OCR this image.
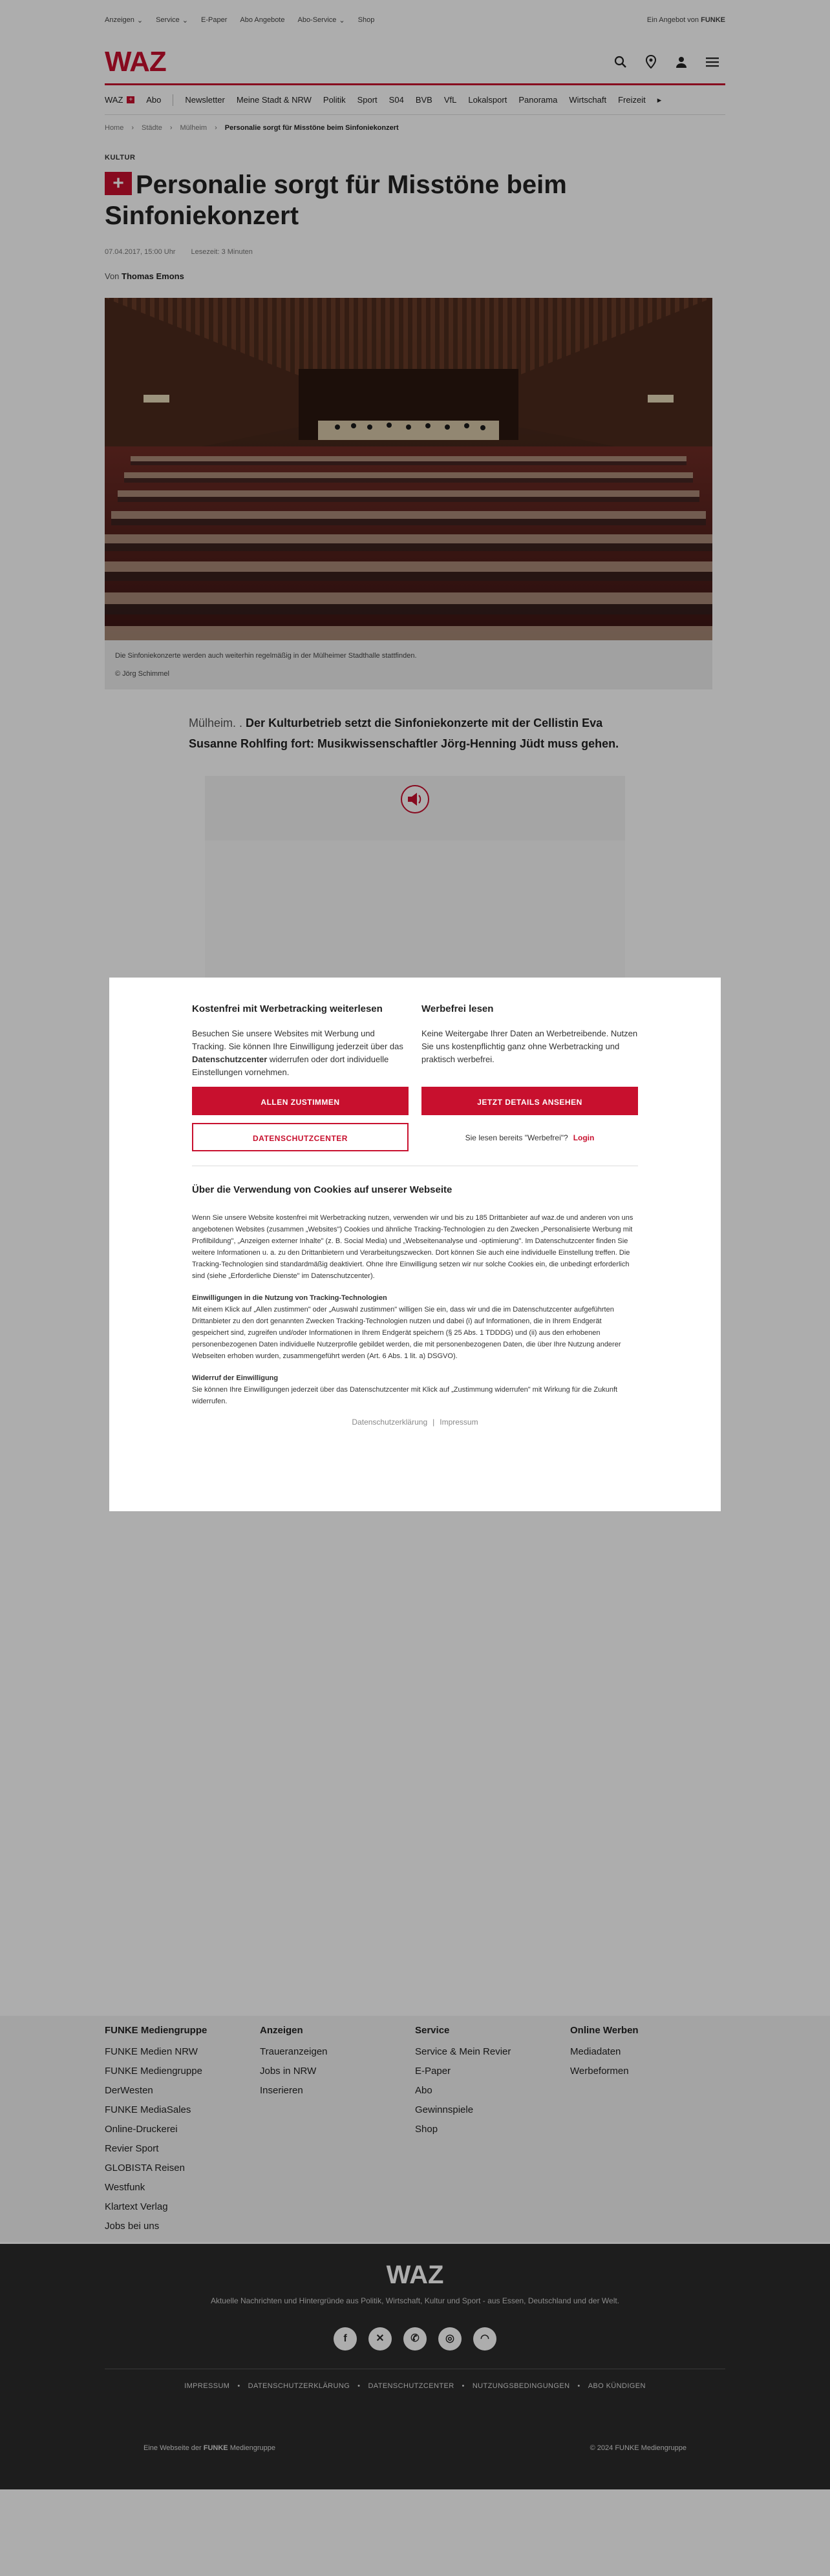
Anzeigen ⌄ Service ⌄ E-Paper Abo Angebote Abo-Service ⌄ Shop	Ein Angebot von FUNKE
WAZ
WAZ + Abo	Newsletter Meine Stadt & NRW Politik Sport S04 BVB VfL Lokalsport Panorama Wirtschaft Freizeit ▸
Home › Städte › Mülheim › Personalie sorgt für Misstöne beim Sinfoniekonzert
KULTUR
+ Personalie sorgt für Misstöne beim Sinfoniekonzert
07.04.2017, 15:00 Uhr Lesezeit: 3 Minuten
Von Thomas Emons
Die Sinfoniekonzerte werden auch weiterhin regelmäßig in der Mülheimer Stadthalle stattfinden.
© Jörg Schimmel

Mülheim. . Der Kulturbetrieb setzt die Sinfoniekonzerte mit der Cellistin Eva Susanne Rohlfing fort: Musikwissenschaftler Jörg-Henning Jüdt muss gehen.

FUNKE Mediengruppe
FUNKE Medien NRW
FUNKE Mediengruppe
DerWesten
FUNKE MediaSales
Online-Druckerei
Revier Sport
GLOBISTA Reisen
Westfunk
Klartext Verlag
Jobs bei uns
Anzeigen
Traueranzeigen
Jobs in NRW
Inserieren
Service
Service & Mein Revier
E-Paper
Abo
Gewinnspiele
Shop
Online Werben
Mediadaten
Werbeformen
WAZ
Aktuelle Nachrichten und Hintergründe aus Politik, Wirtschaft, Kultur und Sport - aus Essen, Deutschland und der Welt.
f	✕	✆	◎	◠
IMPRESSUM • DATENSCHUTZERKLÄRUNG • DATENSCHUTZCENTER • NUTZUNGSBEDINGUNGEN • ABO KÜNDIGEN
Eine Webseite der FUNKE Mediengruppe	© 2024 FUNKE Mediengruppe
Kostenfrei mit Werbetracking weiterlesen

Besuchen Sie unsere Websites mit Werbung und Tracking. Sie können Ihre Einwilligung jederzeit über das Datenschutzcenter widerrufen oder dort individuelle Einstellungen vornehmen.

ALLEN ZUSTIMMEN
DATENSCHUTZCENTER
Werbefrei lesen

Keine Weitergabe Ihrer Daten an Werbetreibende. Nutzen Sie uns kostenpflichtig ganz ohne Werbetracking und praktisch werbefrei.

JETZT DETAILS ANSEHEN
Sie lesen bereits "Werbefrei"? Login
Über die Verwendung von Cookies auf unserer Webseite

Wenn Sie unsere Website kostenfrei mit Werbetracking nutzen, verwenden wir und bis zu 185 Drittanbieter auf waz.de und anderen von uns angebotenen Websites (zusammen „Websites") Cookies und ähnliche Tracking-Technologien zu den Zwecken „Personalisierte Werbung mit Profilbildung", „Anzeigen externer Inhalte" (z. B. Social Media) und „Webseitenanalyse und -optimierung". Im Datenschutzcenter finden Sie weitere Informationen u. a. zu den Drittanbietern und Verarbeitungszwecken. Dort können Sie auch eine individuelle Einstellung treffen. Die Tracking-Technologien sind standardmäßig deaktiviert. Ohne Ihre Einwilligung setzen wir nur solche Cookies ein, die unbedingt erforderlich sind (siehe „Erforderliche Dienste" im Datenschutzcenter).

Einwilligungen in die Nutzung von Tracking-Technologien
Mit einem Klick auf „Allen zustimmen" oder „Auswahl zustimmen" willigen Sie ein, dass wir und die im Datenschutzcenter aufgeführten Drittanbieter zu den dort genannten Zwecken Tracking-Technologien nutzen und dabei (i) auf Informationen, die in Ihrem Endgerät gespeichert sind, zugreifen und/oder Informationen in Ihrem Endgerät speichern (§ 25 Abs. 1 TDDDG) und (ii) aus den erhobenen personenbezogenen Daten individuelle Nutzerprofile gebildet werden, die mit personenbezogenen Daten, die über Ihre Nutzung anderer Webseiten erhoben wurden, zusammengeführt werden (Art. 6 Abs. 1 lit. a) DSGVO).

Widerruf der Einwilligung
Sie können Ihre Einwilligungen jederzeit über das Datenschutzcenter mit Klick auf „Zustimmung widerrufen" mit Wirkung für die Zukunft widerrufen.

Datenschutzerklärung | Impressum
